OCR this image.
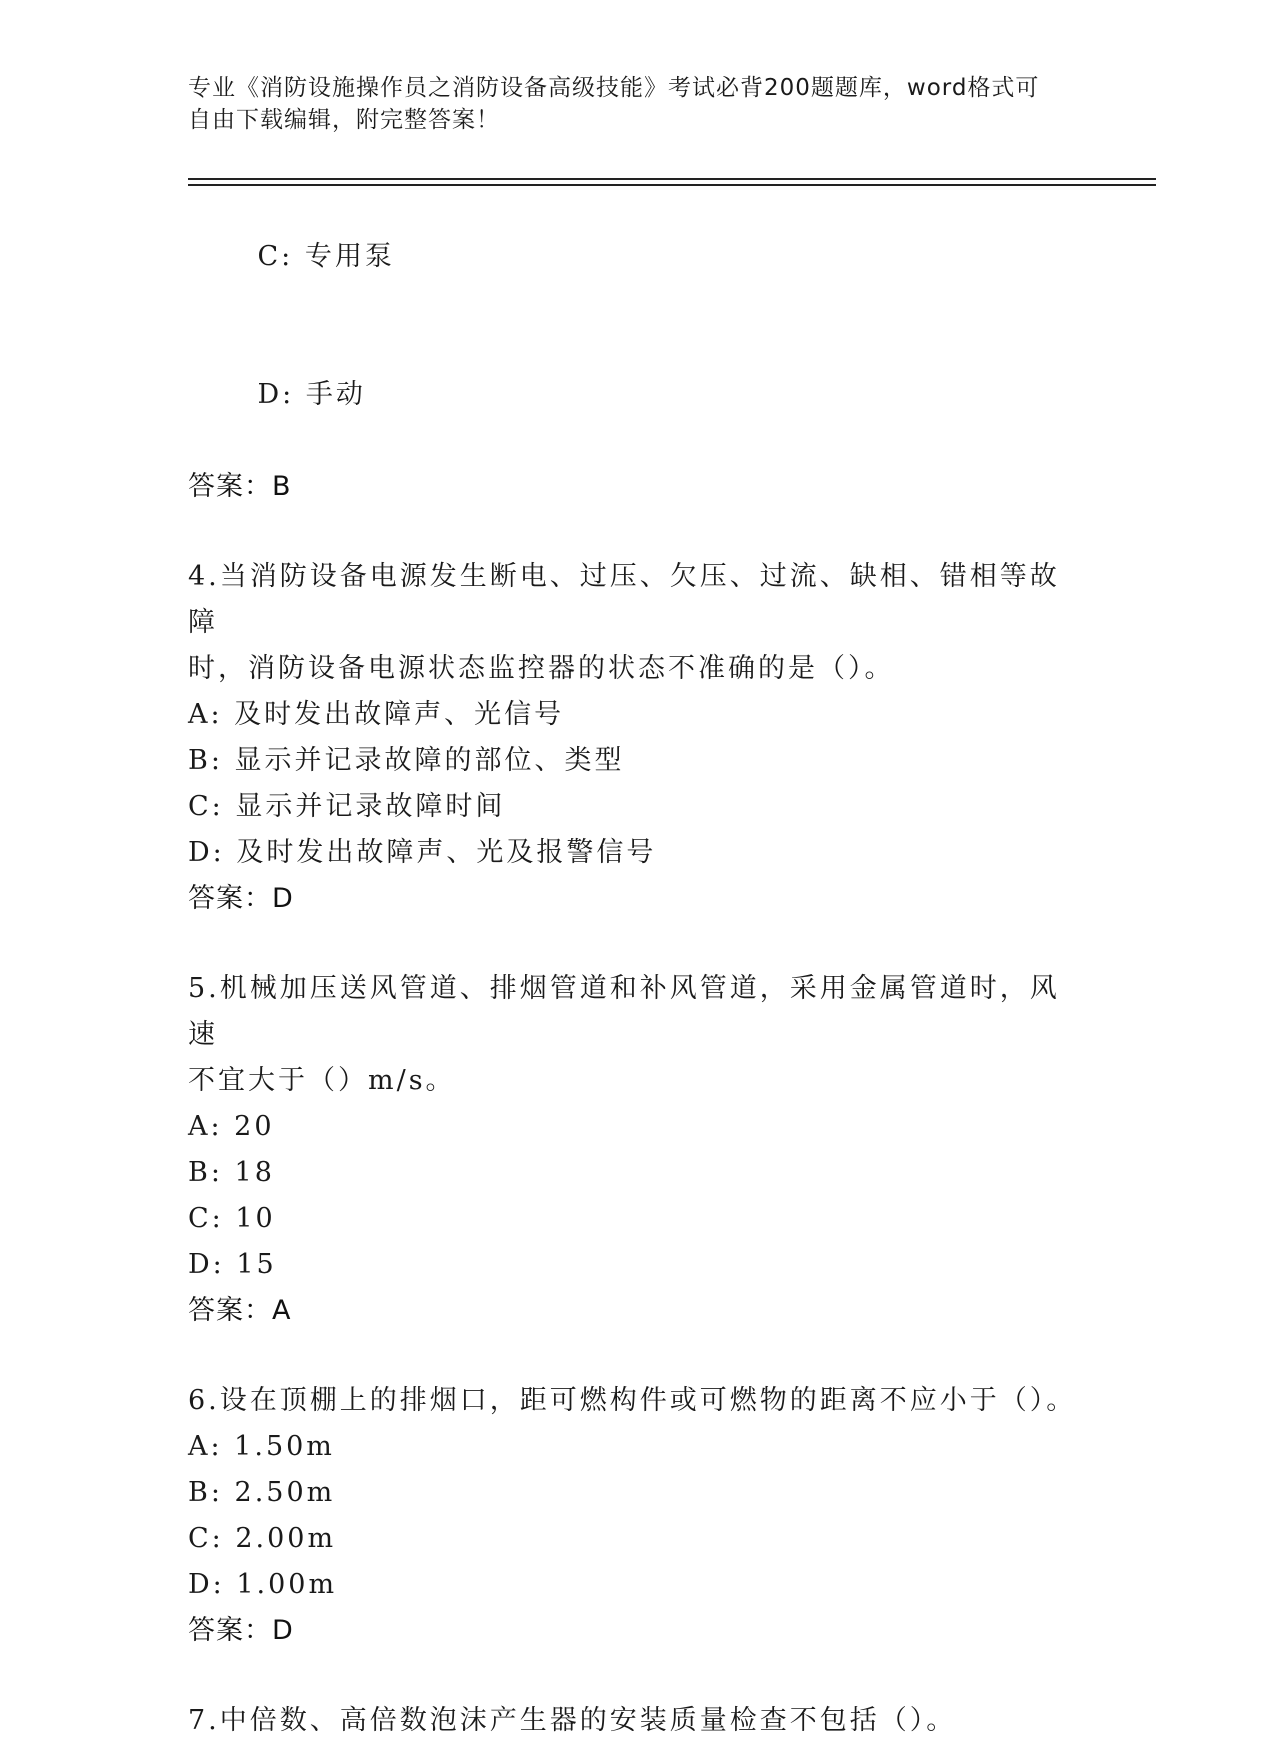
专业《消防设施操作员之消防设备高级技能》考试必背200题题库，word格式可
自由下载编辑，附完整答案！

C: 专用泵

D: 手动

答案：B
4.当消防设备电源发生断电、过压、欠压、过流、缺相、错相等故障
时，消防设备电源状态监控器的状态不准确的是（）。
A: 及时发出故障声、光信号
B: 显示并记录故障的部位、类型
C: 显示并记录故障时间
D: 及时发出故障声、光及报警信号
答案：D
5.机械加压送风管道、排烟管道和补风管道，采用金属管道时，风速
不宜大于（）m/s。
A: 20
B: 18
C: 10
D: 15
答案：A
6.设在顶棚上的排烟口，距可燃构件或可燃物的距离不应小于（）。
A: 1.50m
B: 2.50m
C: 2.00m
D: 1.00m
答案：D
7.中倍数、高倍数泡沫产生器的安装质量检查不包括（）。
